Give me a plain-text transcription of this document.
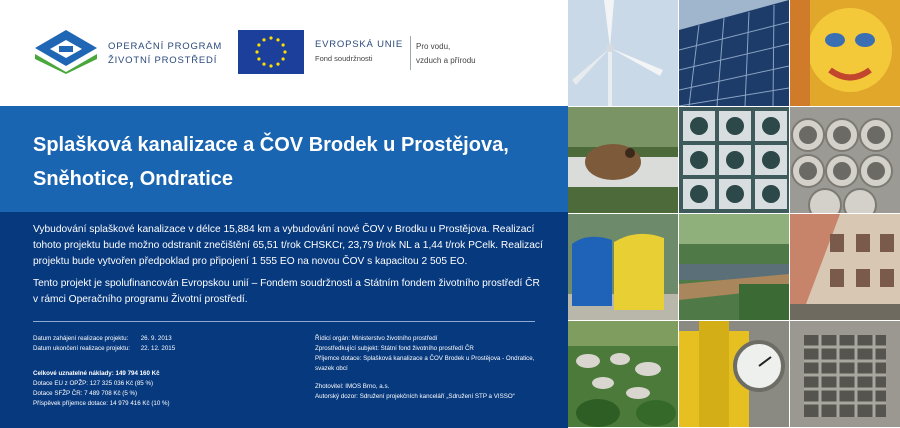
OPERAČNÍ PROGRAM
ŽIVOTNÍ PROSTŘEDÍ
EVROPSKÁ UNIE
Fond soudržnosti
Pro vodu,
vzduch a přírodu
Splašková kanalizace a ČOV Brodek u Prostějova,
Sněhotice, Ondratice

Vybudování splaškové kanalizace v délce 15,884 km a vybudování nové ČOV v Brodku u Prostějova. Realizací tohoto projektu bude možno odstranit znečištění 65,51 t/rok CHSKCr, 23,79 t/rok NL a 1,44 t/rok PCelk. Realizací projektu bude vytvořen předpoklad pro připojení 1 555 EO na novou ČOV s kapacitou 2 505 EO.

Tento projekt je spolufinancován Evropskou unií – Fondem soudržnosti a Státním fondem životního prostředí ČR v rámci Operačního programu Životní prostředí.

Datum zahájení realizace projektu: 26. 9. 2013
Datum ukončení realizace projektu: 22. 12. 2015
Celkové uznatelné náklady: 149 794 160 Kč
Dotace EU z OPŽP: 127 325 036 Kč (85 %)
Dotace SFŽP ČR: 7 489 708 Kč (5 %)
Příspěvek příjemce dotace: 14 979 416 Kč (10 %)
Řídicí orgán: Ministerstvo životního prostředí
Zprostředkující subjekt: Státní fond životního prostředí ČR
Příjemce dotace: Splašková kanalizace a ČOV Brodek u Prostějova - Ondratice, svazek obcí
Zhotovitel: IMOS Brno, a.s.
Autorský dozor: Sdružení projekčních kanceláří „Sdružení STP a VISSO“
